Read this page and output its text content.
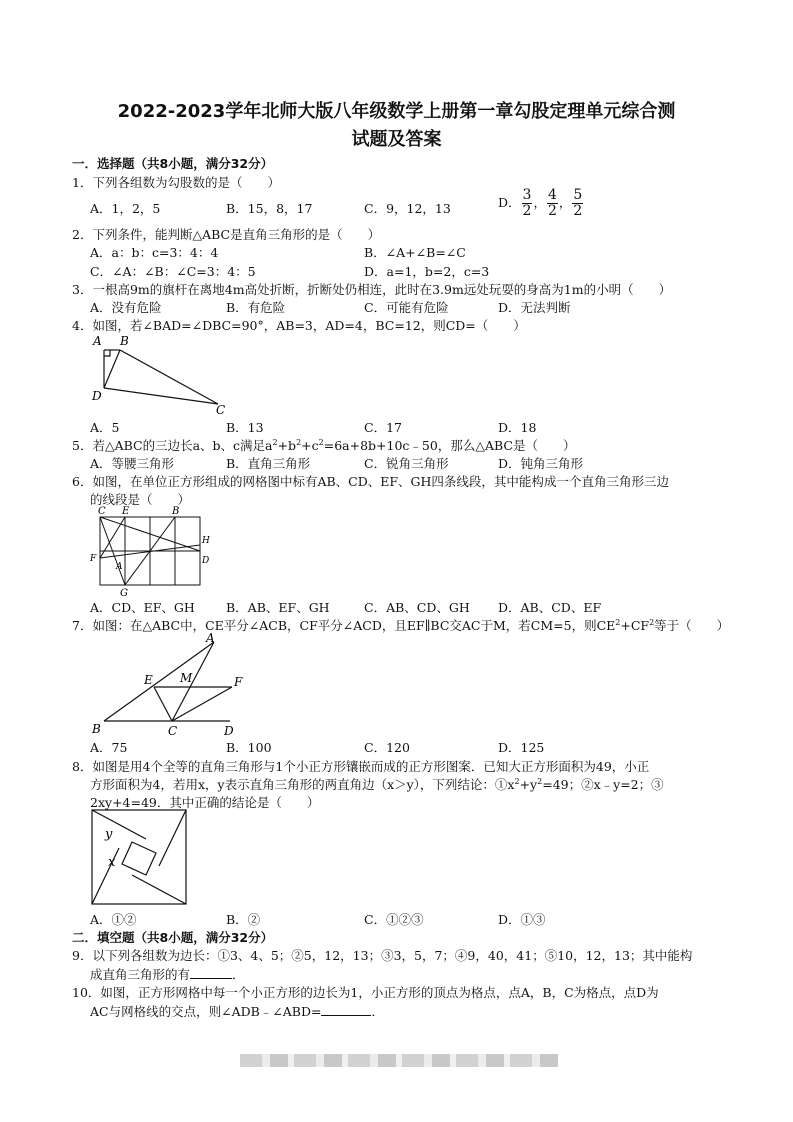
2022-2023学年北师大版八年级数学上册第一章勾股定理单元综合测
试题及答案
一．选择题（共8小题，满分32分）
1．下列各组数为勾股数的是（　　）
A．1，2，5	B．15，8，17	C．9，12，13	D． $\frac{3}{2}$ ， $\frac{4}{2}$ ， $\frac{5}{2}$
2．下列条件，能判断△ABC是直角三角形的是（　　）
A．a：b：c=3：4：4	B．∠A+∠B=∠C
C．∠A：∠B：∠C=3：4：5	D．a=1，b=2，c=3
3．一根高9m的旗杆在离地4m高处折断，折断处仍相连，此时在3.9m远处玩耍的身高为1m的小明（　　）
A．没有危险	B．有危险	C．可能有危险	D．无法判断
4．如图，若∠BAD=∠DBC=90°，AB=3，AD=4，BC=12，则CD=（　　）
A B
D
C
A．5	B．13	C．17	D．18
5．若△ABC的三边长a、b、c满足$a^2+b^2+c^2=6a+8b+10c﹣50$，那么△ABC是（　　）
A．等腰三角形	B．直角三角形	C．锐角三角形	D．钝角三角形
6．如图，在单位正方形组成的网格图中标有AB、CD、EF、GH四条线段，其中能构成一个直角三角形三边
的线段是（　　）
C E	B
H
D
F
A
G
A．CD、EF、GH B．AB、EF、GH	C．AB、CD、GH D．AB、CD、EF
7．如图：在△ABC中，CE平分∠ACB，CF平分∠ACD，且EF∥BC交AC于M，若CM=5，则$CE^2+CF^2$等于（　　）
A
E M	F
B	C	D
A．75	B．100	C．120	D．125
8．如图是用4个全等的直角三角形与1个小正方形镶嵌而成的正方形图案．已知大正方形面积为49，小正
方形面积为4，若用x，y表示直角三角形的两直角边（x＞y），下列结论：$①x^2+y^2=49$；②x﹣y=2；③
2xy+4=49．其中正确的结论是（　　）
y
x
A．①②	B．②	C．①②③	D．①③
二．填空题（共8小题，满分32分）
9．以下列各组数为边长：①3、4、5；②5，12，13；③3，5，7；④9，40，41；⑤10，12，13；其中能构
成直角三角形的有	．
10．如图，正方形网格中每一个小正方形的边长为1，小正方形的顶点为格点，点A，B，C为格点，点D为
AC与网格线的交点，则∠ADB﹣∠ABD=	．
